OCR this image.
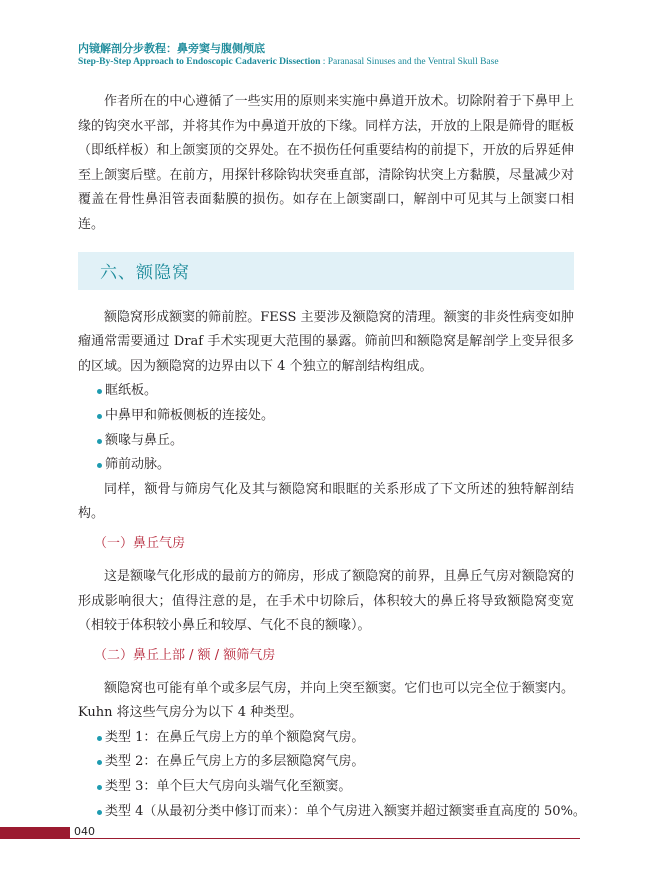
内镜解剖分步教程：鼻旁窦与腹侧颅底
Step-By-Step Approach to Endoscopic Cadaveric Dissection : Paranasal Sinuses and the Ventral Skull Base

作者所在的中心遵循了一些实用的原则来实施中鼻道开放术。切除附着于下鼻甲上缘的钩突水平部，并将其作为中鼻道开放的下缘。同样方法，开放的上限是筛骨的眶板（即纸样板）和上颌窦顶的交界处。在不损伤任何重要结构的前提下，开放的后界延伸至上颌窦后壁。在前方，用探针移除钩状突垂直部，清除钩状突上方黏膜，尽量减少对覆盖在骨性鼻泪管表面黏膜的损伤。如存在上颌窦副口，解剖中可见其与上颌窦口相连。

六、额隐窝

额隐窝形成额窦的筛前腔。FESS 主要涉及额隐窝的清理。额窦的非炎性病变如肿瘤通常需要通过 Draf 手术实现更大范围的暴露。筛前凹和额隐窝是解剖学上变异很多的区域。因为额隐窝的边界由以下 4 个独立的解剖结构组成。

眶纸板。
中鼻甲和筛板侧板的连接处。
额喙与鼻丘。
筛前动脉。

同样，额骨与筛房气化及其与额隐窝和眼眶的关系形成了下文所述的独特解剖结构。

（一）鼻丘气房

这是额喙气化形成的最前方的筛房，形成了额隐窝的前界，且鼻丘气房对额隐窝的形成影响很大；值得注意的是，在手术中切除后，体积较大的鼻丘将导致额隐窝变宽（相较于体积较小鼻丘和较厚、气化不良的额喙）。

（二）鼻丘上部 / 额 / 额筛气房

额隐窝也可能有单个或多层气房，并向上突至额窦。它们也可以完全位于额窦内。Kuhn 将这些气房分为以下 4 种类型。

类型 1：在鼻丘气房上方的单个额隐窝气房。
类型 2：在鼻丘气房上方的多层额隐窝气房。
类型 3：单个巨大气房向头端气化至额窦。
类型 4（从最初分类中修订而来）：单个气房进入额窦并超过额窦垂直高度的 50%。
040
